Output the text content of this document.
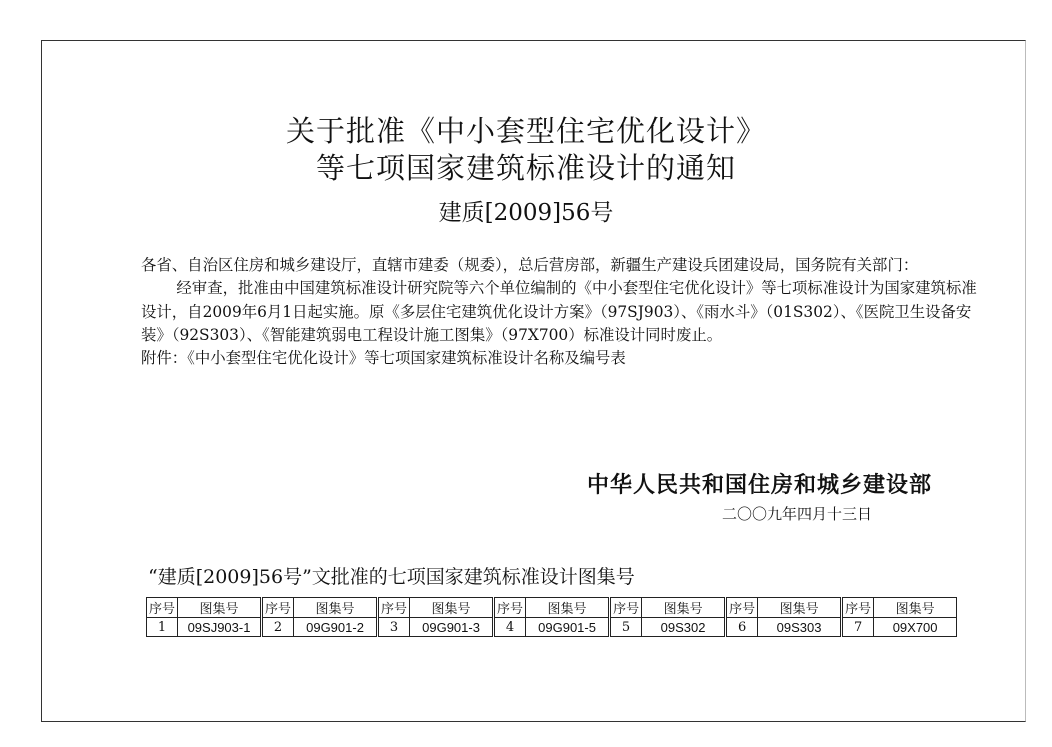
关于批准《中小套型住宅优化设计》
等七项国家建筑标准设计的通知
建质[2009]56号

各省、自治区住房和城乡建设厅，直辖市建委（规委），总后营房部，新疆生产建设兵团建设局，国务院有关部门：

经审查，批准由中国建筑标准设计研究院等六个单位编制的《中小套型住宅优化设计》等七项标准设计为国家建筑标准设计，自2009年6月1日起实施。原《多层住宅建筑优化设计方案》（97SJ903）、《雨水斗》（01S302）、《医院卫生设备安装》（92S303）、《智能建筑弱电工程设计施工图集》（97X700）标准设计同时废止。

附件：《中小套型住宅优化设计》等七项国家建筑标准设计名称及编号表

中华人民共和国住房和城乡建设部
二〇〇九年四月十三日
“建质[2009]56号”文批准的七项国家建筑标准设计图集号
序号	图集号	序号	图集号	序号	图集号	序号	图集号	序号	图集号	序号	图集号	序号	图集号
1	09SJ903-1	2	09G901-2	3	09G901-3	4	09G901-5	5	09S302	6	09S303	7	09X700
